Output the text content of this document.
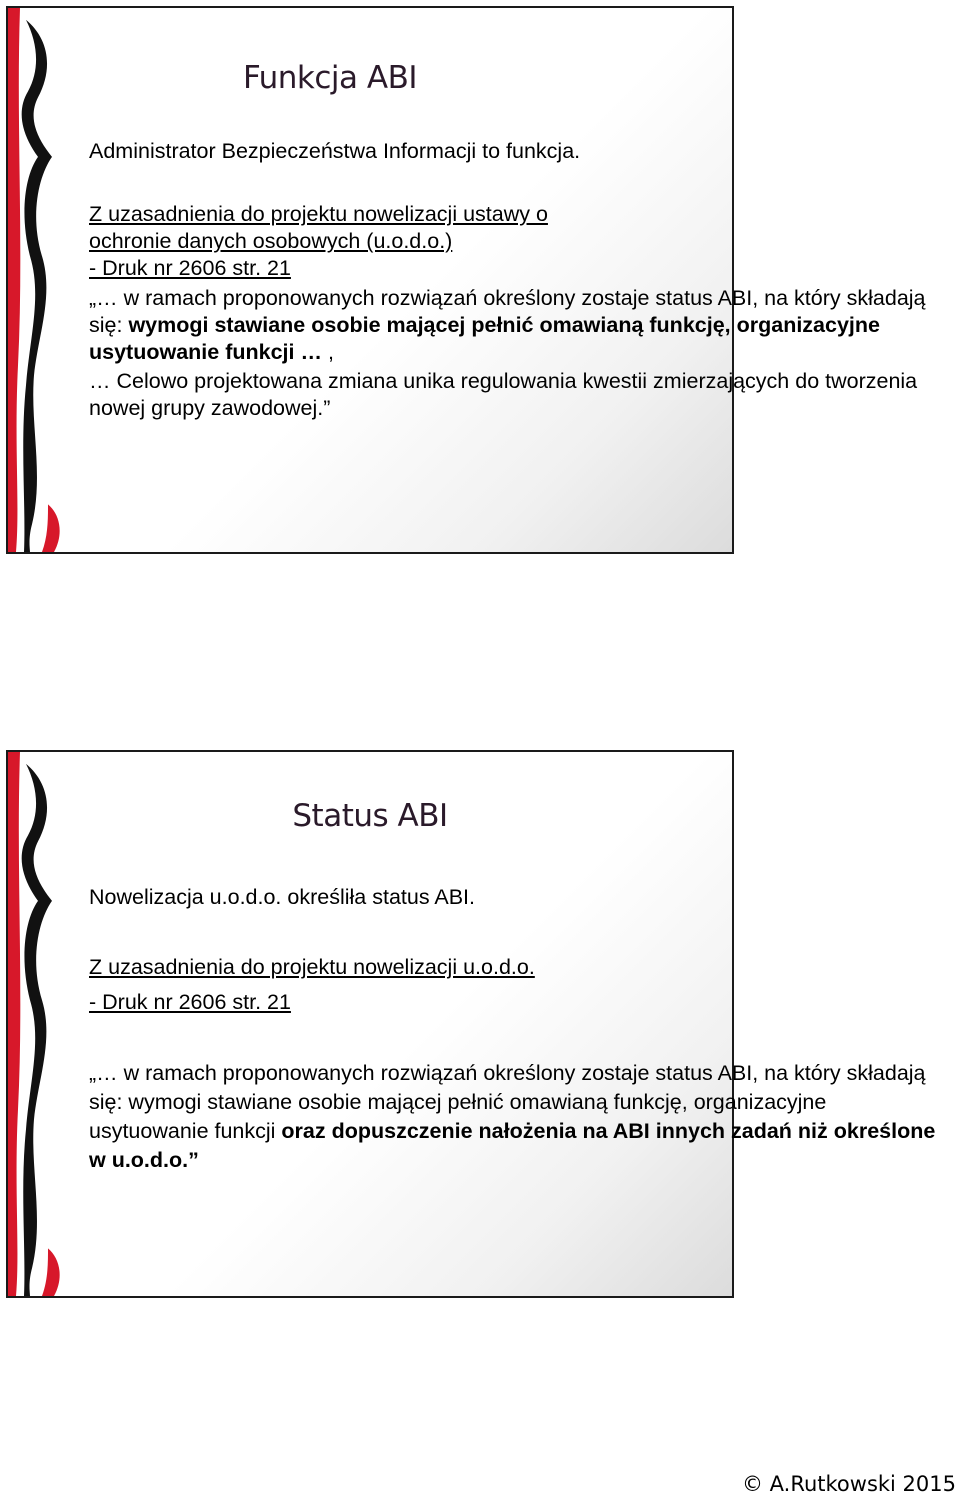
Funkcja ABI

Administrator Bezpieczeństwa Informacji to funkcja.

Z uzasadnienia do projektu nowelizacji ustawy o

ochronie danych osobowych (u.o.d.o.)

- Druk nr 2606 str. 21

„… w ramach proponowanych rozwiązań określony zostaje status ABI, na który składają się: wymogi stawiane osobie mającej pełnić omawianą funkcję, organizacyjne usytuowanie funkcji … ,

… Celowo projektowana zmiana unika regulowania kwestii zmierzających do tworzenia nowej grupy zawodowej.”

Status ABI

Nowelizacja u.o.d.o. określiła status ABI.

Z uzasadnienia do projektu nowelizacji u.o.d.o.

- Druk nr 2606 str. 21

„… w ramach proponowanych rozwiązań określony zostaje status ABI, na który składają się: wymogi stawiane osobie mającej pełnić omawianą funkcję, organizacyjne usytuowanie funkcji oraz dopuszczenie nałożenia na ABI innych zadań niż określone w u.o.d.o.”

© A.Rutkowski 2015
